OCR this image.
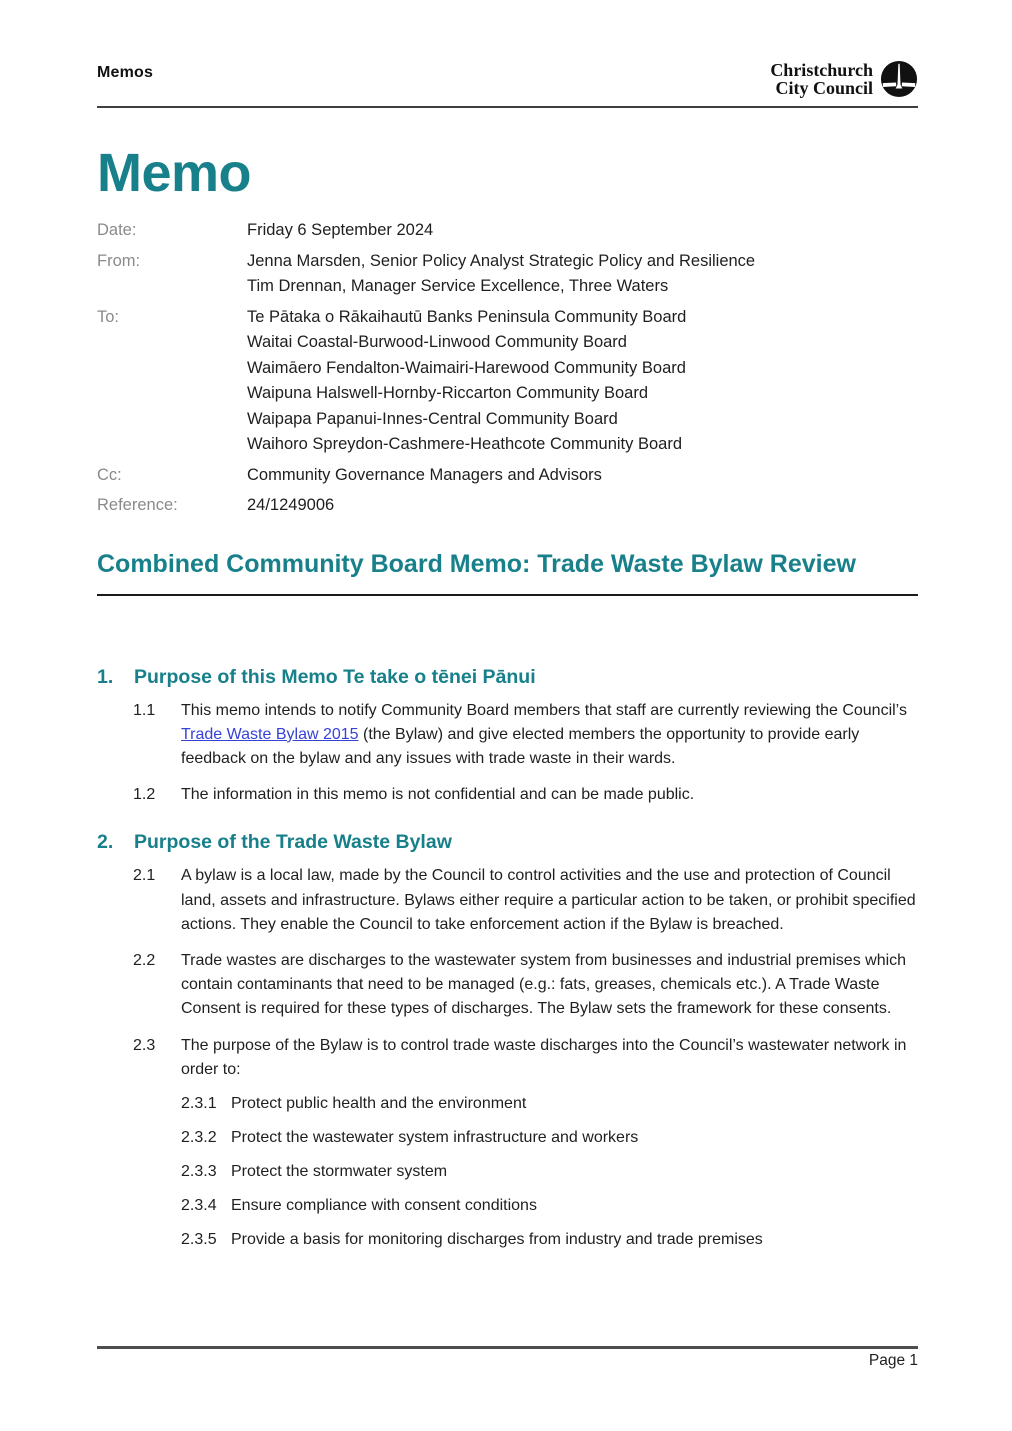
Memos	Christchurch
City Council
Memo
Date:	Friday 6 September 2024
From:	Jenna Marsden, Senior Policy Analyst Strategic Policy and Resilience
Tim Drennan, Manager Service Excellence, Three Waters
To:	Te Pātaka o Rākaihautū Banks Peninsula Community Board
Waitai Coastal-Burwood-Linwood Community Board
Waimāero Fendalton-Waimairi-Harewood Community Board
Waipuna Halswell-Hornby-Riccarton Community Board
Waipapa Papanui-Innes-Central Community Board
Waihoro Spreydon-Cashmere-Heathcote Community Board
Cc:	Community Governance Managers and Advisors
Reference:	24/1249006
Combined Community Board Memo: Trade Waste Bylaw Review
1.	Purpose of this Memo Te take o tēnei Pānui
1.1	This memo intends to notify Community Board members that staff are currently reviewing the Council’s Trade Waste Bylaw 2015 (the Bylaw) and give elected members the opportunity to provide early feedback on the bylaw and any issues with trade waste in their wards.

1.2	The information in this memo is not confidential and can be made public.

2.	Purpose of the Trade Waste Bylaw
2.1	A bylaw is a local law, made by the Council to control activities and the use and protection of Council land, assets and infrastructure. Bylaws either require a particular action to be taken, or prohibit specified actions. They enable the Council to take enforcement action if the Bylaw is breached.

2.2	Trade wastes are discharges to the wastewater system from businesses and industrial premises which contain contaminants that need to be managed (e.g.: fats, greases, chemicals etc.). A Trade Waste Consent is required for these types of discharges. The Bylaw sets the framework for these consents.

2.3	The purpose of the Bylaw is to control trade waste discharges into the Council’s wastewater network in order to:

2.3.1 Protect public health and the environment

2.3.2 Protect the wastewater system infrastructure and workers

2.3.3 Protect the stormwater system

2.3.4 Ensure compliance with consent conditions

2.3.5 Provide a basis for monitoring discharges from industry and trade premises

Page 1
